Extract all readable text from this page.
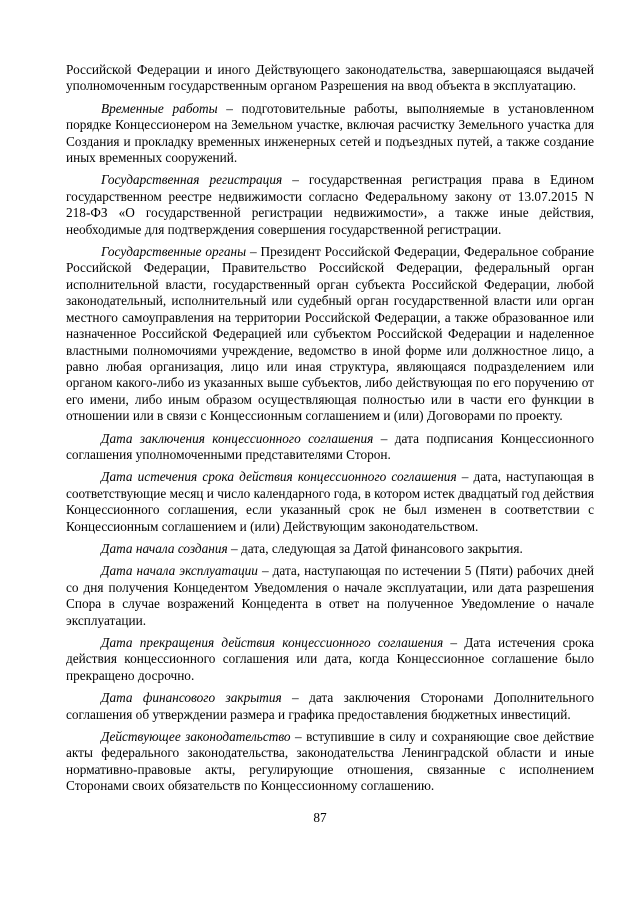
Российской Федерации и иного Действующего законодательства, завершающаяся выдачей уполномоченным государственным органом Разрешения на ввод объекта в эксплуатацию.

Временные работы – подготовительные работы, выполняемые в установленном порядке Концессионером на Земельном участке, включая расчистку Земельного участка для Создания и прокладку временных инженерных сетей и подъездных путей, а также создание иных временных сооружений.

Государственная регистрация – государственная регистрация права в Едином государственном реестре недвижимости согласно Федеральному закону от 13.07.2015 N 218-ФЗ «О государственной регистрации недвижимости», а также иные действия, необходимые для подтверждения совершения государственной регистрации.

Государственные органы – Президент Российской Федерации, Федеральное собрание Российской Федерации, Правительство Российской Федерации, федеральный орган исполнительной власти, государственный орган субъекта Российской Федерации, любой законодательный, исполнительный или судебный орган государственной власти или орган местного самоуправления на территории Российской Федерации, а также образованное или назначенное Российской Федерацией или субъектом Российской Федерации и наделенное властными полномочиями учреждение, ведомство в иной форме или должностное лицо, а равно любая организация, лицо или иная структура, являющаяся подразделением или органом какого-либо из указанных выше субъектов, либо действующая по его поручению от его имени, либо иным образом осуществляющая полностью или в части его функции в отношении или в связи с Концессионным соглашением и (или) Договорами по проекту.

Дата заключения концессионного соглашения – дата подписания Концессионного соглашения уполномоченными представителями Сторон.

Дата истечения срока действия концессионного соглашения – дата, наступающая в соответствующие месяц и число календарного года, в котором истек двадцатый год действия Концессионного соглашения, если указанный срок не был изменен в соответствии с Концессионным соглашением и (или) Действующим законодательством.

Дата начала создания – дата, следующая за Датой финансового закрытия.

Дата начала эксплуатации – дата, наступающая по истечении 5 (Пяти) рабочих дней со дня получения Концедентом Уведомления о начале эксплуатации, или дата разрешения Спора в случае возражений Концедента в ответ на полученное Уведомление о начале эксплуатации.

Дата прекращения действия концессионного соглашения – Дата истечения срока действия концессионного соглашения или дата, когда Концессионное соглашение было прекращено досрочно.

Дата финансового закрытия – дата заключения Сторонами Дополнительного соглашения об утверждении размера и графика предоставления бюджетных инвестиций.

Действующее законодательство – вступившие в силу и сохраняющие свое действие акты федерального законодательства, законодательства Ленинградской области и иные нормативно-правовые акты, регулирующие отношения, связанные с исполнением Сторонами своих обязательств по Концессионному соглашению.

87
